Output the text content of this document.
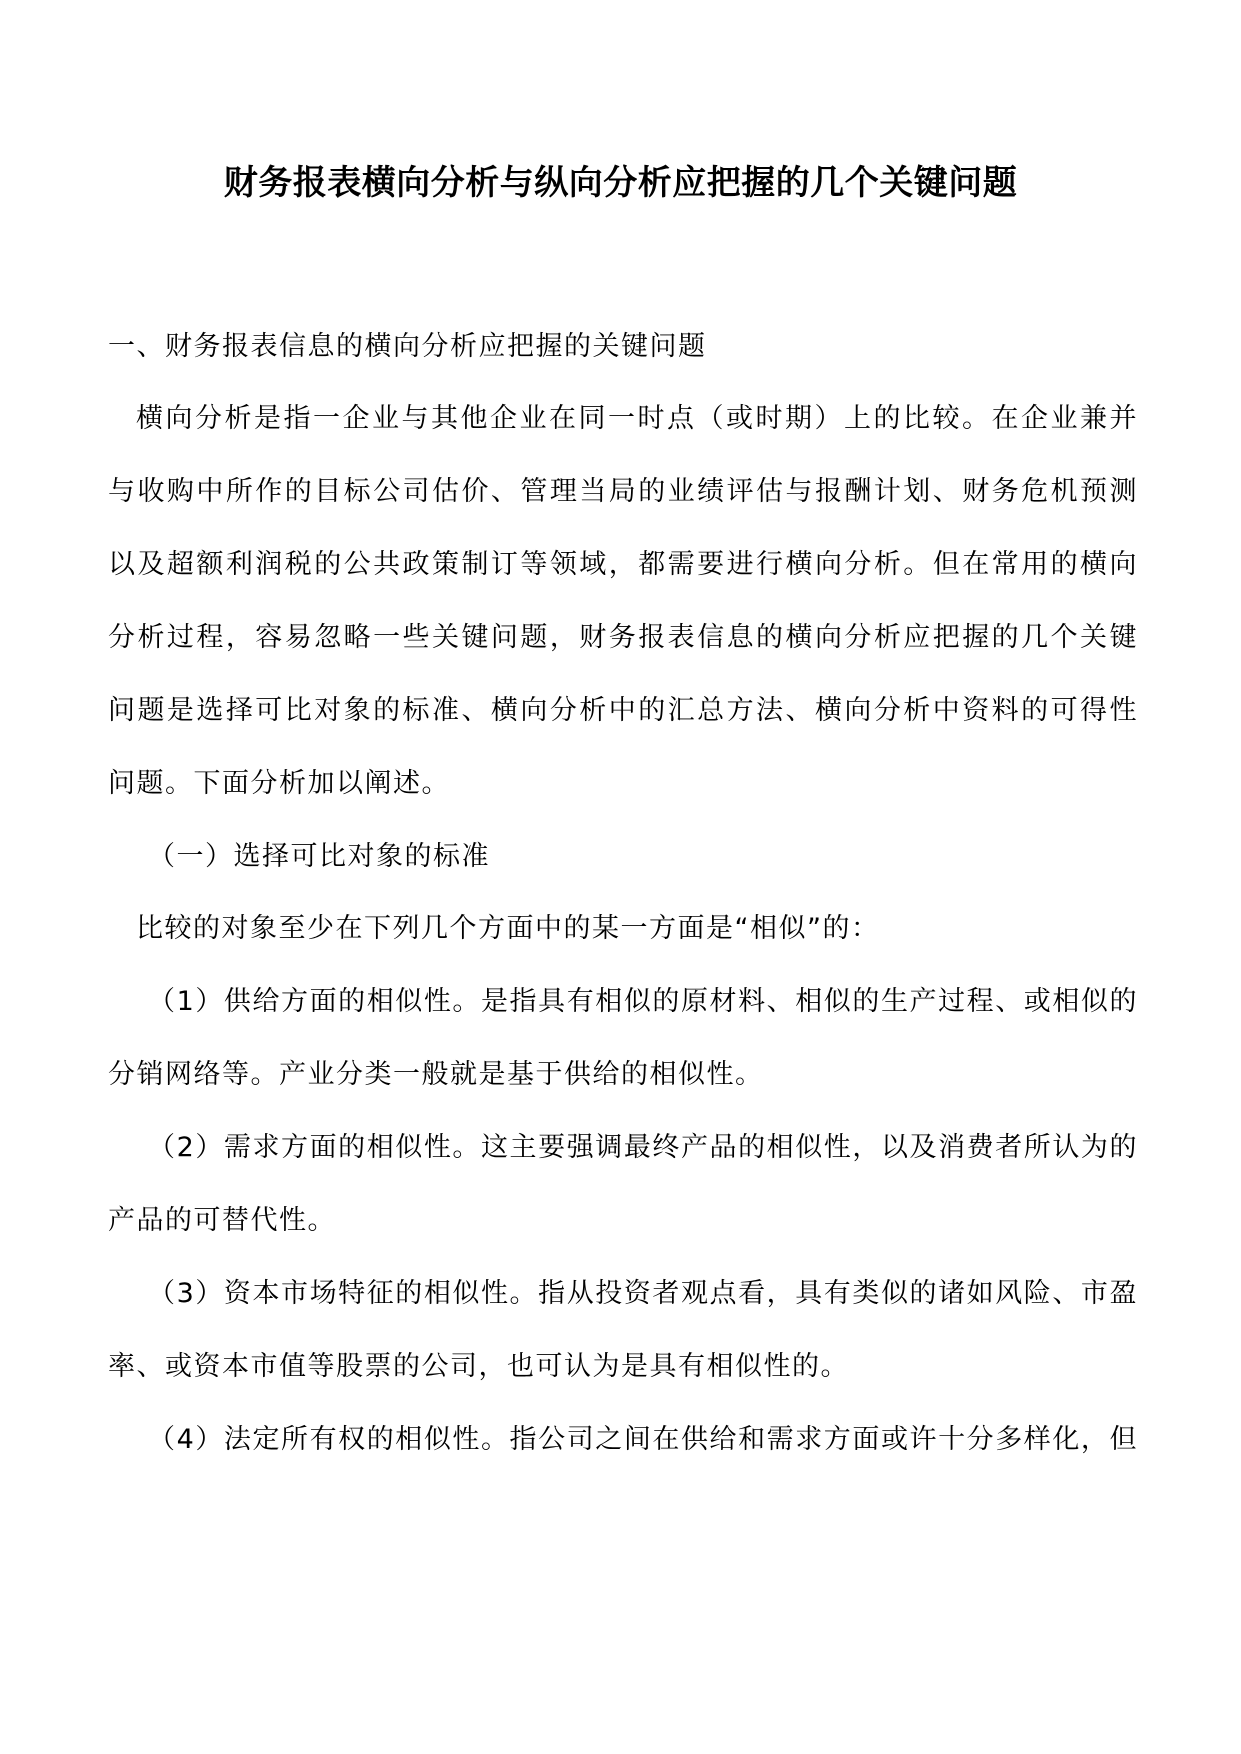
财务报表横向分析与纵向分析应把握的几个关键问题
一、财务报表信息的横向分析应把握的关键问题
横向分析是指一企业与其他企业在同一时点（或时期）上的比较。在企业兼并
与收购中所作的目标公司估价、管理当局的业绩评估与报酬计划、财务危机预测
以及超额利润税的公共政策制订等领域，都需要进行横向分析。但在常用的横向
分析过程，容易忽略一些关键问题，财务报表信息的横向分析应把握的几个关键
问题是选择可比对象的标准、横向分析中的汇总方法、横向分析中资料的可得性
问题。下面分析加以阐述。
（一）选择可比对象的标准
比较的对象至少在下列几个方面中的某一方面是“相似”的：
（1）供给方面的相似性。是指具有相似的原材料、相似的生产过程、或相似的
分销网络等。产业分类一般就是基于供给的相似性。
（2）需求方面的相似性。这主要强调最终产品的相似性，以及消费者所认为的
产品的可替代性。
（3）资本市场特征的相似性。指从投资者观点看，具有类似的诸如风险、市盈
率、或资本市值等股票的公司，也可认为是具有相似性的。
（4）法定所有权的相似性。指公司之间在供给和需求方面或许十分多样化，但
